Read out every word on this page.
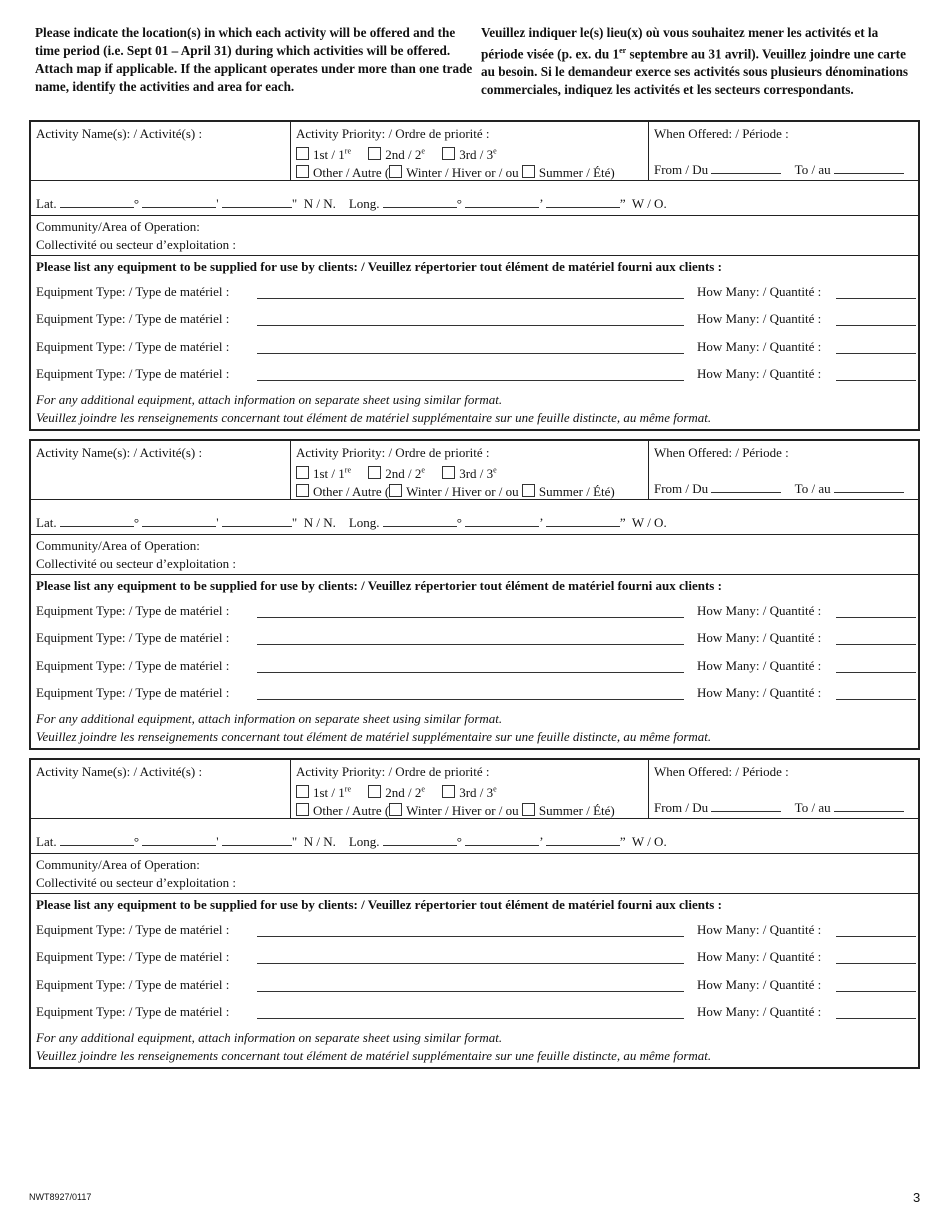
Please indicate the location(s) in which each activity will be offered and the time period (i.e. Sept 01 – April 31) during which activities will be offered. Attach map if applicable. If the applicant operates under more than one trade name, identify the activities and area for each.
Veuillez indiquer le(s) lieu(x) où vous souhaitez mener les activités et la période visée (p. ex. du 1er septembre au 31 avril). Veuillez joindre une carte au besoin. Si le demandeur exerce ses activités sous plusieurs dénominations commerciales, indiquez les activités et les secteurs correspondants.
Activity Name(s): / Activité(s) :	Activity Priority: / Ordre de priorité :
1st / 1re	2nd / 2e	3rd / 3e
Other / Autre ( Winter / Hiver or / ou Summer / Été)
When Offered: / Période :
From / Du	To / au
Lat.	°	'	" N / N. Long.	°	’	” W / O.
Community/Area of Operation:
Collectivité ou secteur d’exploitation :
Please list any equipment to be supplied for use by clients: / Veuillez répertorier tout élément de matériel fourni aux clients :
Equipment Type: / Type de matériel :	How Many: / Quantité :
Equipment Type: / Type de matériel :	How Many: / Quantité :
Equipment Type: / Type de matériel :	How Many: / Quantité :
Equipment Type: / Type de matériel :	How Many: / Quantité :
For any additional equipment, attach information on separate sheet using similar format.
Veuillez joindre les renseignements concernant tout élément de matériel supplémentaire sur une feuille distincte, au même format.
Activity Name(s): / Activité(s) :	Activity Priority: / Ordre de priorité :
1st / 1re	2nd / 2e	3rd / 3e
Other / Autre ( Winter / Hiver or / ou Summer / Été)
When Offered: / Période :
From / Du	To / au
Lat.	°	'	" N / N. Long.	°	’	” W / O.
Community/Area of Operation:
Collectivité ou secteur d’exploitation :
Please list any equipment to be supplied for use by clients: / Veuillez répertorier tout élément de matériel fourni aux clients :
Equipment Type: / Type de matériel :	How Many: / Quantité :
Equipment Type: / Type de matériel :	How Many: / Quantité :
Equipment Type: / Type de matériel :	How Many: / Quantité :
Equipment Type: / Type de matériel :	How Many: / Quantité :
For any additional equipment, attach information on separate sheet using similar format.
Veuillez joindre les renseignements concernant tout élément de matériel supplémentaire sur une feuille distincte, au même format.
Activity Name(s): / Activité(s) :	Activity Priority: / Ordre de priorité :
1st / 1re	2nd / 2e	3rd / 3e
Other / Autre ( Winter / Hiver or / ou Summer / Été)
When Offered: / Période :
From / Du	To / au
Lat.	°	'	" N / N. Long.	°	’	” W / O.
Community/Area of Operation:
Collectivité ou secteur d’exploitation :
Please list any equipment to be supplied for use by clients: / Veuillez répertorier tout élément de matériel fourni aux clients :
Equipment Type: / Type de matériel :	How Many: / Quantité :
Equipment Type: / Type de matériel :	How Many: / Quantité :
Equipment Type: / Type de matériel :	How Many: / Quantité :
Equipment Type: / Type de matériel :	How Many: / Quantité :
For any additional equipment, attach information on separate sheet using similar format.
Veuillez joindre les renseignements concernant tout élément de matériel supplémentaire sur une feuille distincte, au même format.
NWT8927/0117	3
